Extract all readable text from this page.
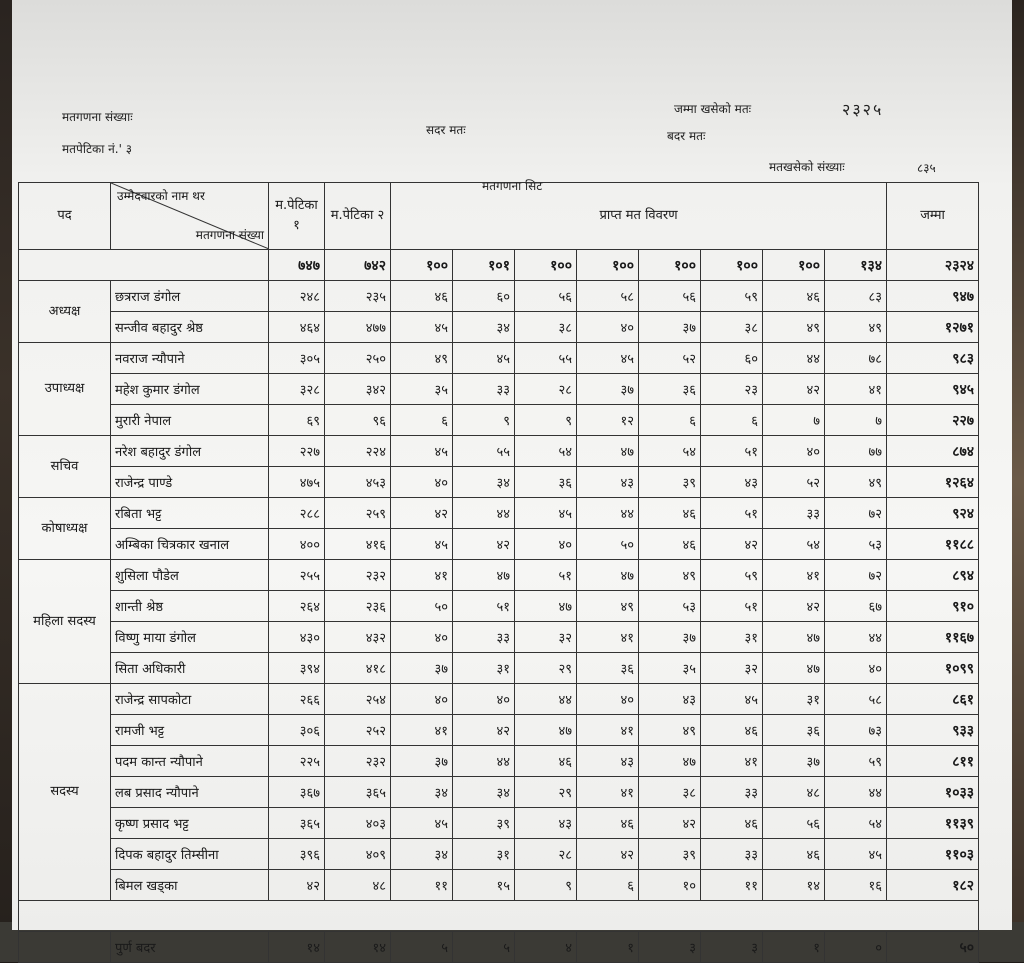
मतगणना संख्याः
मतपेटिका नं.' ३
सदर मतः
जम्मा खसेको मतः	२३२५
बदर मतः
मतखसेको संख्याः	८३५
मतगणना सिट
पद	उम्मेदवारको नाम थर
मतगणना संख्या	म.पेटिका १	म.पेटिका २	प्राप्त मत विवरण								जम्मा
		७४७	७४२	१००	१०१	१००	१००	१००	१००	१००	१३४	२३२४
अध्यक्ष	छत्रराज डंगोल	२४८	२३५	४६	६०	५६	५८	५६	५९	४६	८३	९४७
	सन्जीव बहादुर श्रेष्ठ	४६४	४७७	४५	३४	३८	४०	३७	३८	४९	४९	१२७१
उपाध्यक्ष	नवराज न्यौपाने	३०५	२५०	४९	४५	५५	४५	५२	६०	४४	७८	९८३
	महेश कुमार डंगोल	३२८	३४२	३५	३३	२८	३७	३६	२३	४२	४१	९४५
	मुरारी नेपाल	६९	९६	६	९	९	१२	६	६	७	७	२२७
सचिव	नरेश बहादुर डंगोल	२२७	२२४	४५	५५	५४	४७	५४	५१	४०	७७	८७४
	राजेन्द्र पाण्डे	४७५	४५३	४०	३४	३६	४३	३९	४३	५२	४९	१२६४
कोषाध्यक्ष	रबिता भट्ट	२८८	२५९	४२	४४	४५	४४	४६	५१	३३	७२	९२४
	अम्बिका चित्रकार खनाल	४००	४१६	४५	४२	४०	५०	४६	४२	५४	५३	११८८
महिला सदस्य	शुसिला पौडेल	२५५	२३२	४१	४७	५१	४७	४९	५९	४१	७२	८९४
	शान्ती श्रेष्ठ	२६४	२३६	५०	५१	४७	४९	५३	५१	४२	६७	९१०
	विष्णु माया डंगोल	४३०	४३२	४०	३३	३२	४१	३७	३१	४७	४४	११६७
	सिता अधिकारी	३९४	४१८	३७	३१	२९	३६	३५	३२	४७	४०	१०९९
सदस्य	राजेन्द्र सापकोटा	२६६	२५४	४०	४०	४४	४०	४३	४५	३१	५८	८६१
	रामजी भट्ट	३०६	२५२	४१	४२	४७	४१	४९	४६	३६	७३	९३३
	पदम कान्त न्यौपाने	२२५	२३२	३७	४४	४६	४३	४७	४१	३७	५९	८११
	लब प्रसाद न्यौपाने	३६७	३६५	३४	३४	२९	४१	३८	३३	४८	४४	१०३३
	कृष्ण प्रसाद भट्ट	३६५	४०३	४५	३९	४३	४६	४२	४६	५६	५४	११३९
	दिपक बहादुर तिम्सीना	३९६	४०९	३४	३१	२८	४२	३९	३३	४६	४५	११०३
	बिमल खड्का	४२	४८	११	१५	९	६	१०	११	१४	१६	१८२

	पुर्ण बदर	१४	१४	५	५	४	१	३	३	१	०	५०
